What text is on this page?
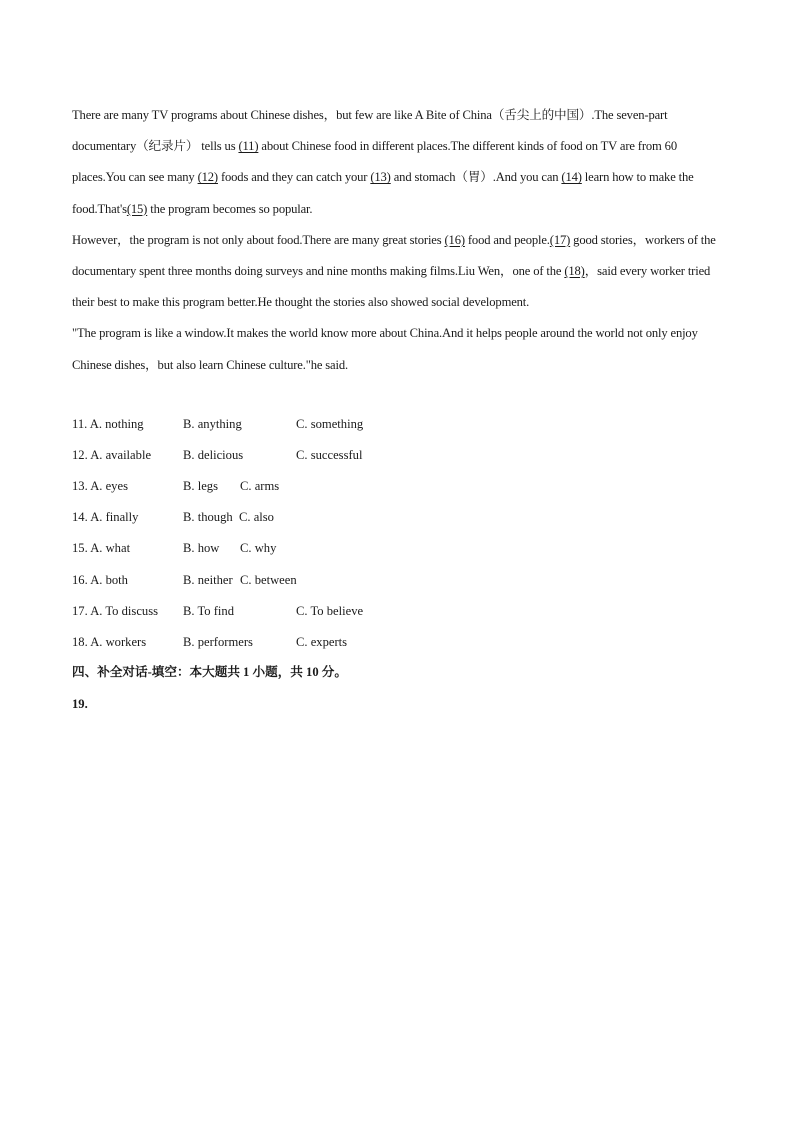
There are many TV programs about Chinese dishes，but few are like A Bite of China（舌尖上的中国）.The seven-part documentary（纪录片） tells us (11) about Chinese food in different places.The different kinds of food on TV are from 60 places.You can see many (12) foods and they can catch your (13) and stomach（胃）.And you can (14) learn how to make the food.That's(15) the program becomes so popular.

However，the program is not only about food.There are many great stories (16) food and people.(17) good stories，workers of the documentary spent three months doing surveys and nine months making films.Liu Wen，one of the (18)，said every worker tried their best to make this program better.He thought the stories also showed social development.

"The program is like a window.It makes the world know more about China.And it helps people around the world not only enjoy Chinese dishes，but also learn Chinese culture."he said.

11. A. nothing	B. anything	C. something
12. A. available	B. delicious	C. successful
13. A. eyes	B. legs C. arms
14. A. finally	B. though C. also
15. A. what	B. how C. why
16. A. both	B. neither C. between
17. A. To discuss B. To find	C. To believe
18. A. workers	B. performers	C. experts
四、补全对话-填空：本大题共 1 小题，共 10 分。
19.
